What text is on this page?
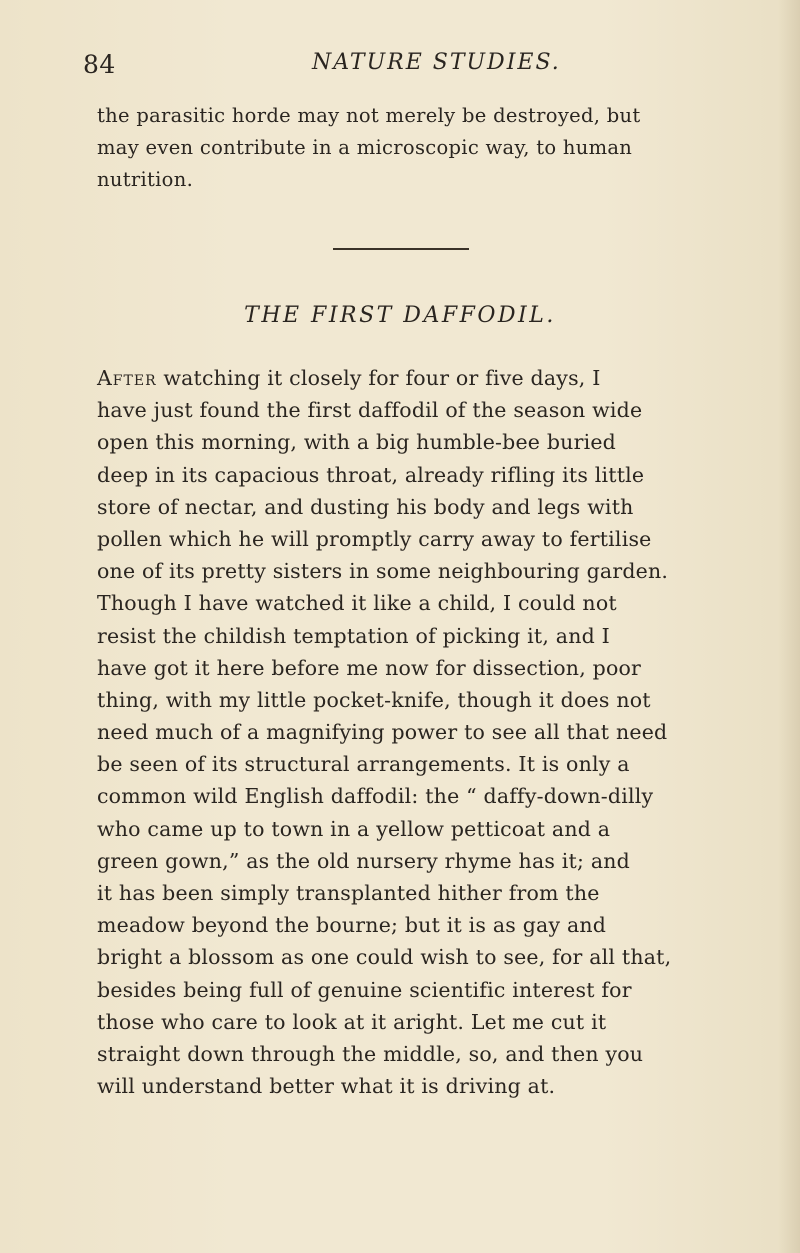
84	NATURE STUDIES.
the parasitic horde may not merely be destroyed, but
may even contribute in a microscopic way, to human
nutrition.
THE FIRST DAFFODIL.
After watching it closely for four or five days, I
have just found the first daffodil of the season wide
open this morning, with a big humble-bee buried
deep in its capacious throat, already rifling its little
store of nectar, and dusting his body and legs with
pollen which he will promptly carry away to fertilise
one of its pretty sisters in some neighbouring garden.
Though I have watched it like a child, I could not
resist the childish temptation of picking it, and I
have got it here before me now for dissection, poor
thing, with my little pocket-knife, though it does not
need much of a magnifying power to see all that need
be seen of its structural arrangements. It is only a
common wild English daffodil: the “ daffy-down-dilly
who came up to town in a yellow petticoat and a
green gown,” as the old nursery rhyme has it; and
it has been simply transplanted hither from the
meadow beyond the bourne; but it is as gay and
bright a blossom as one could wish to see, for all that,
besides being full of genuine scientific interest for
those who care to look at it aright. Let me cut it
straight down through the middle, so, and then you
will understand better what it is driving at.
